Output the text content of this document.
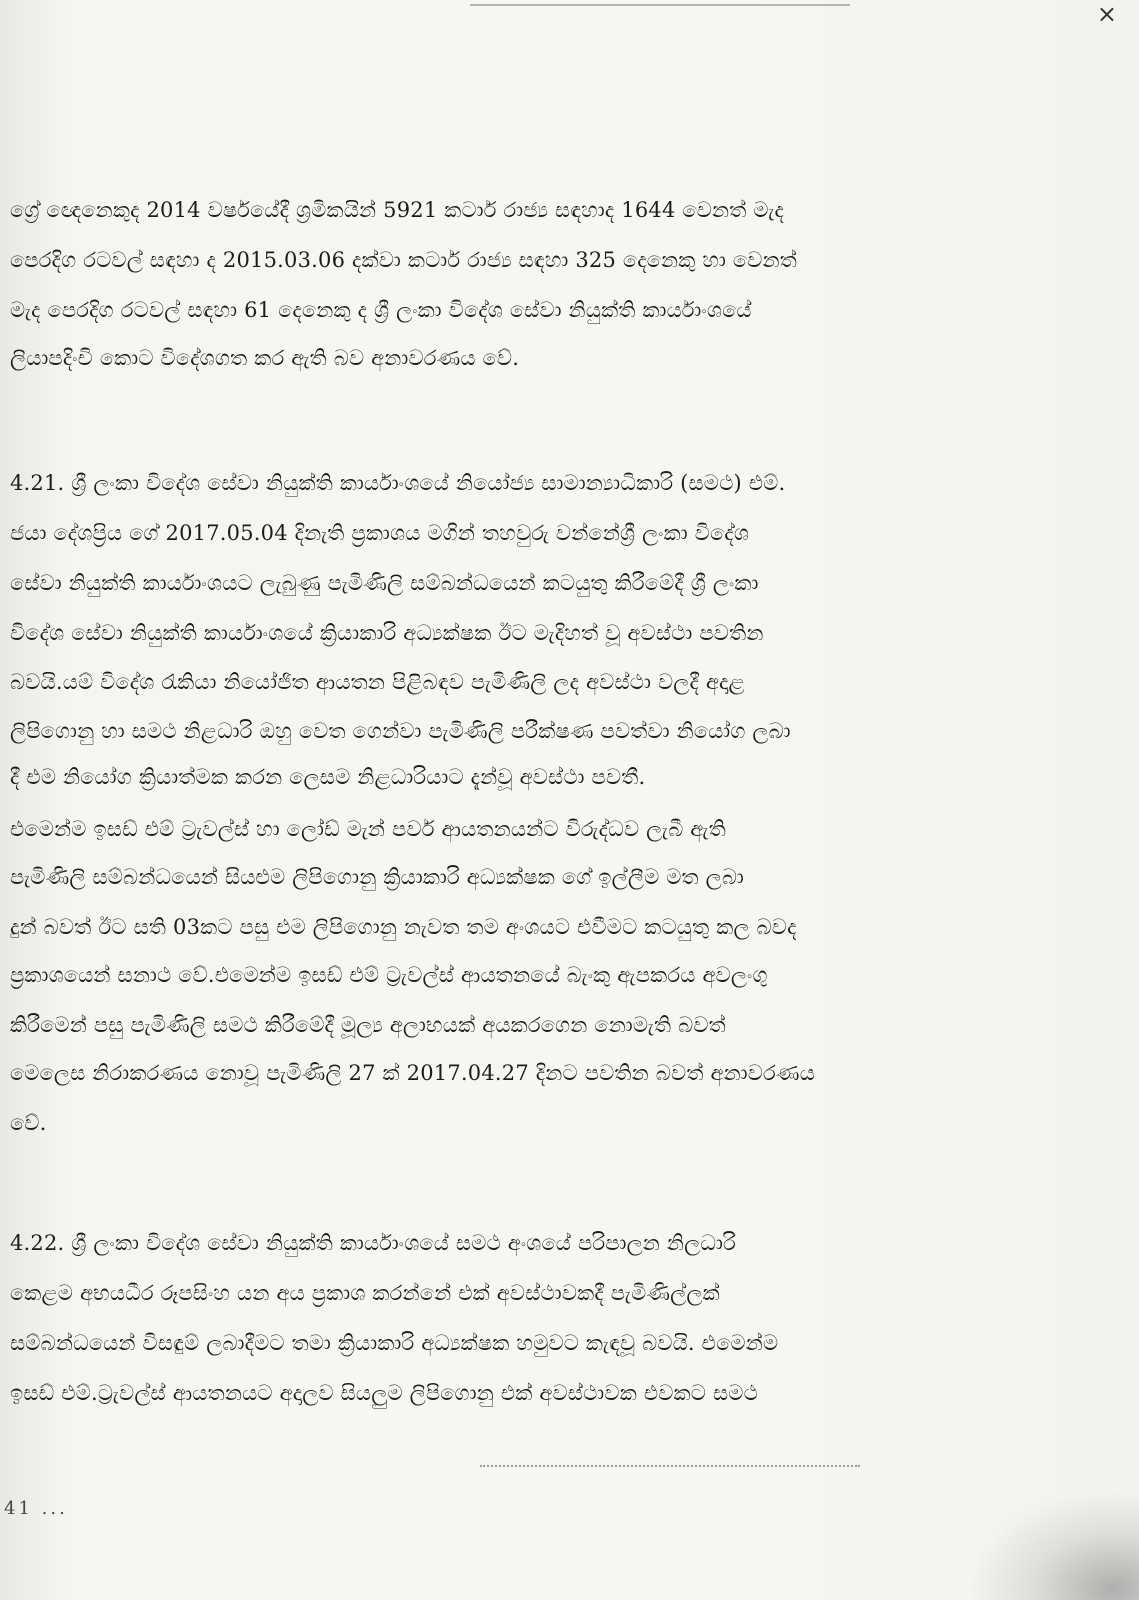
×
ග්‍රේ ඥෙනෙකුද 2014 වර්ෂයේදී ශ්‍රමිකයින් 5921 කටාර් රාජ්‍ය සඳහාද 1644 වෙනත් මැද
පෙරදිග රටවල් සඳහා ද 2015.03.06 දක්වා කටාර් රාජ්‍ය සඳහා 325 දෙනෙකු හා වෙනත්
මැද පෙරදිග රටවල් සඳහා 61 දෙනෙකු ද ශ්‍රී ලංකා විදේශ සේවා නියුක්ති කාර්යාංශයේ
ලියාපදිංචි කොට විදේශගත කර ඇති බව අනාවරණය වේ.
4.21. ශ්‍රී ලංකා විදේශ සේවා නියුක්ති කාර්යාංශයේ නියෝජ්‍ය සාමාන්‍යාධිකාරි (සමථ) එම්.
ජයා දේශප්‍රිය ගේ 2017.05.04 දිනැති ප්‍රකාශය මගින් තහවුරු වන්නේශ්‍රී ලංකා විදේශ
සේවා නියුක්ති කාර්යාංශයට ලැබුණු පැමිණිලි සම්බන්ධයෙන් කටයුතු කිරීමේදී ශ්‍රී ලංකා
විදේශ සේවා නියුක්ති කාර්යාංශයේ ක්‍රියාකාරි අධ්‍යක්ෂක ඊට මැදිහත් වූ අවස්ථා පවතින
බවයි.යම් විදේශ රැකියා නියෝජිත ආයතන පිළිබඳව පැමිණිලි ලද අවස්ථා වලදී අදාළ
ලිපිගොනු හා සමථ නිළධාරි ඔහු වෙත ගෙන්වා පැමිණිලි පරීක්ෂණ පවත්වා නියෝග ලබා
දී එම නියෝග ක්‍රියාත්මක කරන ලෙසම නිළධාරියාට දැන්වූ අවස්ථා පවතී.
එමෙන්ම ඉසඩ් එම් ට්‍රැවල්ස් හා ලෝඩ් මැන් පවර් ආයතනයන්ට විරුද්ධව ලැබී ඇති
පැමිණිලි සම්බන්ධයෙන් සියළුම ලිපිගොනු ක්‍රියාකාරි අධ්‍යක්ෂක ගේ ඉල්ලීම මත ලබා
දුන් බවත් ඊට සති 03කට පසු එම ලිපිගොනු නැවත තම අංශයට එවීමට කටයුතු කල බවද
ප්‍රකාශයෙන් සනාථ වේ.එමෙන්ම ඉසඩ් එම් ට්‍රැවල්ස් ආයතනයේ බැංකු ඇපකරය අවලංගු
කිරීමෙන් පසු පැමිණිලි සමථ කිරීමේදී මූල්‍ය අලාභයක් අයකරගෙන නොමැති බවත්
මෙලෙස නිරාකරණය නොවූ පැමිණිලි 27 ක් 2017.04.27 දිනට පවතින බවත් අනාවරණය
වේ.
4.22. ශ්‍රී ලංකා විදේශ සේවා නියුක්ති කාර්යාංශයේ සමථ අංශයේ පරිපාලන නිලධාරි
කෙළම අභයධීර රූපසිංහ යන අය ප්‍රකාශ කරන්නේ එක් අවස්ථාවකදී පැමිණිල්ලක්
සම්බන්ධයෙන් විසඳුම් ලබාදීමට තමා ක්‍රියාකාරි අධ්‍යක්ෂක හමුවට කැඳවූ බවයි. එමෙන්ම
ඉසඩ් එම්.ට්‍රැවල්ස් ආයතනයට අදාලව සියලුම ලිපිගොනු එක් අවස්ථාවක එවකට සමථ
41 ...
